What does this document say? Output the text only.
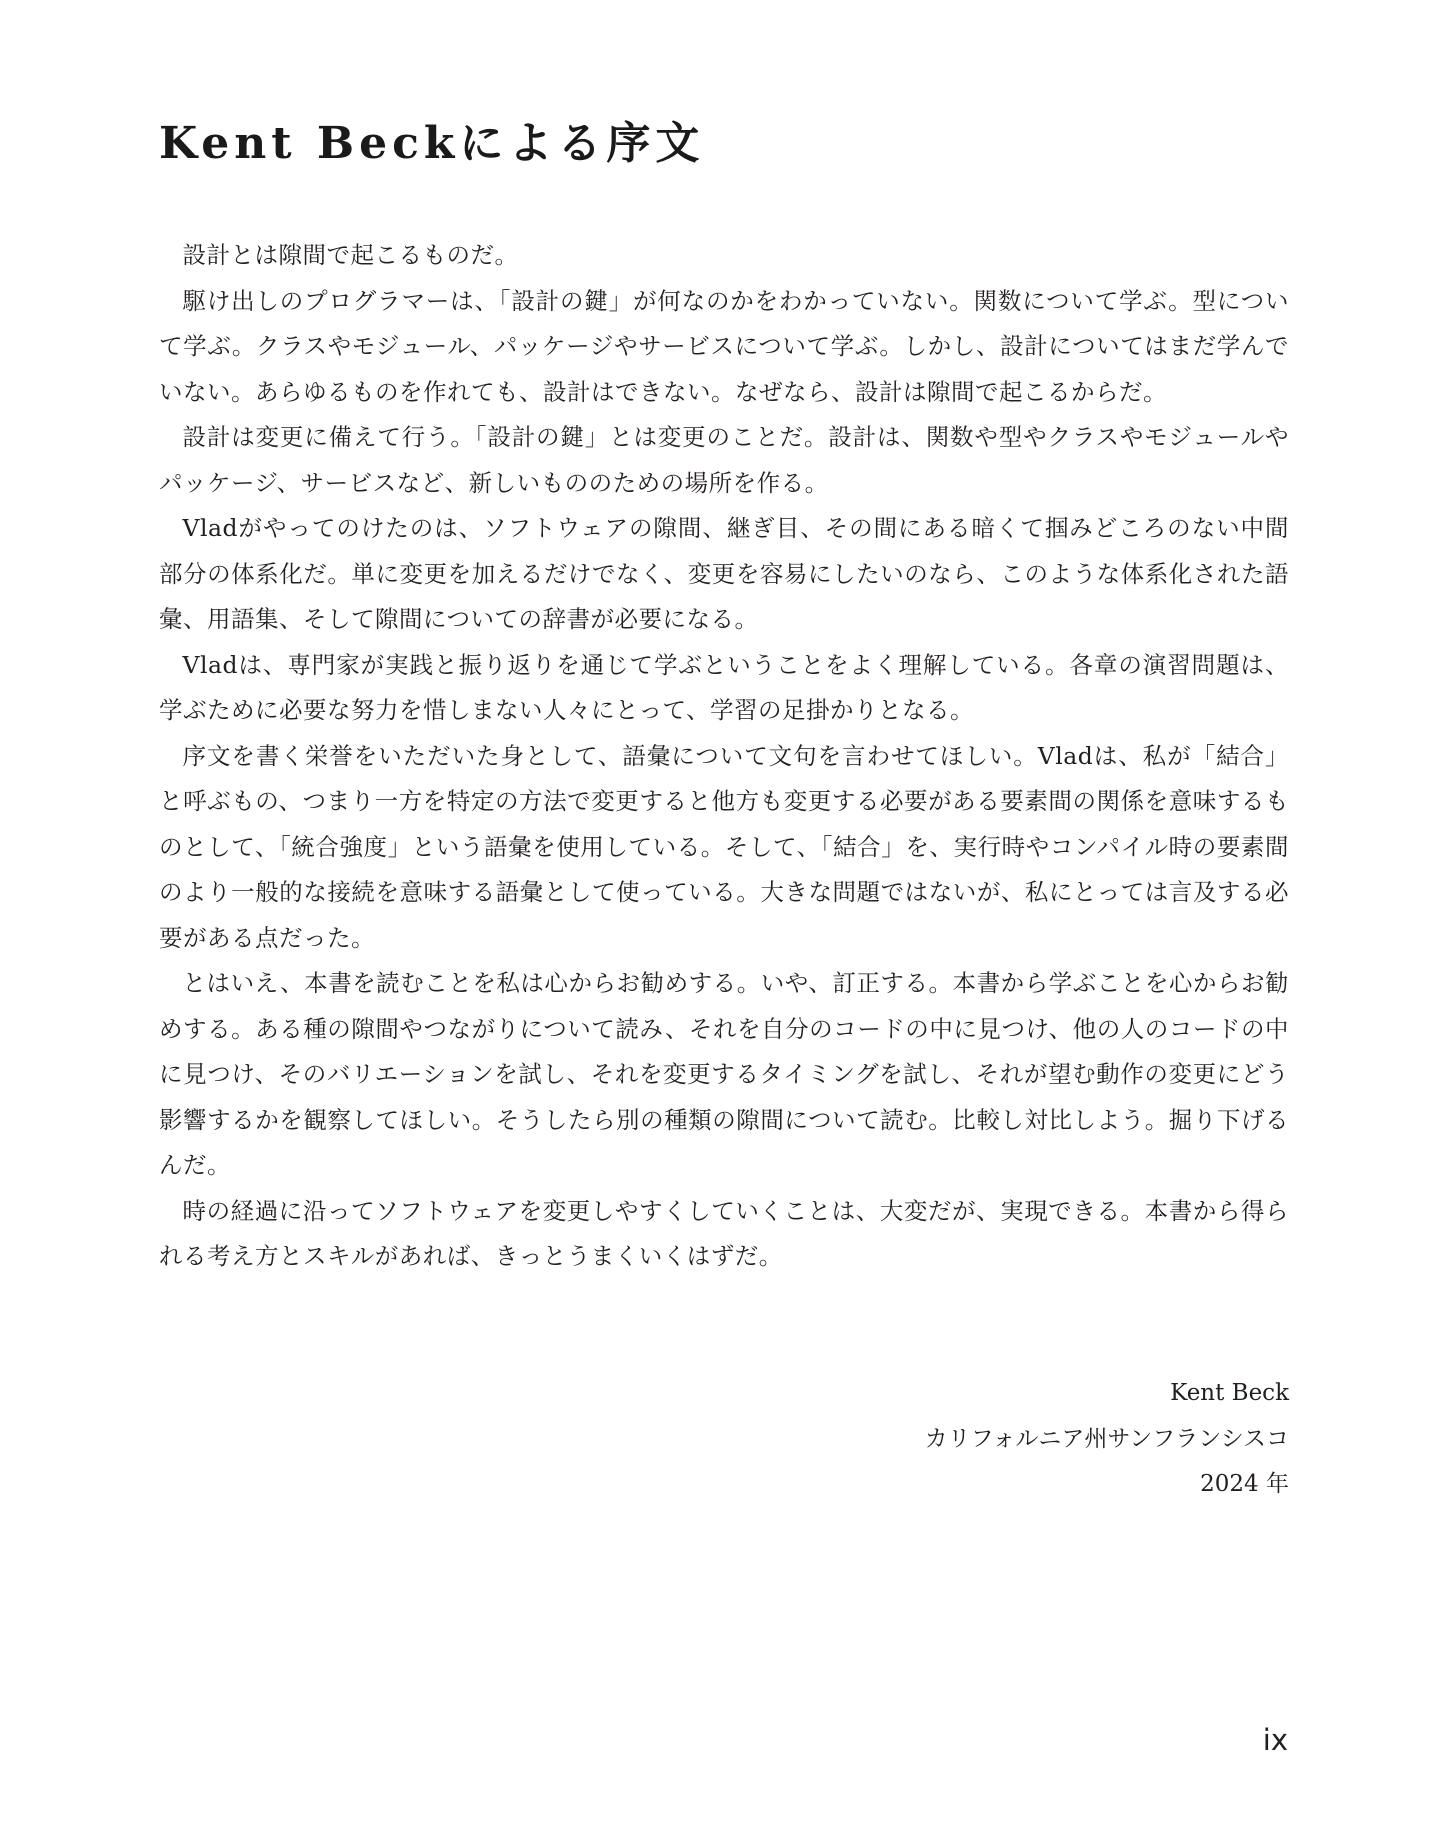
Kent Beckによる序文

設計とは隙間で起こるものだ。

駆け出しのプログラマーは、「設計の鍵」が何なのかをわかっていない。関数について学ぶ。型について学ぶ。クラスやモジュール、パッケージやサービスについて学ぶ。しかし、設計についてはまだ学んでいない。あらゆるものを作れても、設計はできない。なぜなら、設計は隙間で起こるからだ。

設計は変更に備えて行う。「設計の鍵」とは変更のことだ。設計は、関数や型やクラスやモジュールやパッケージ、サービスなど、新しいもののための場所を作る。

Vladがやってのけたのは、ソフトウェアの隙間、継ぎ目、その間にある暗くて掴みどころのない中間部分の体系化だ。単に変更を加えるだけでなく、変更を容易にしたいのなら、このような体系化された語彙、用語集、そして隙間についての辞書が必要になる。

Vladは、専門家が実践と振り返りを通じて学ぶということをよく理解している。各章の演習問題は、学ぶために必要な努力を惜しまない人々にとって、学習の足掛かりとなる。

序文を書く栄誉をいただいた身として、語彙について文句を言わせてほしい。Vladは、私が「結合」と呼ぶもの、つまり一方を特定の方法で変更すると他方も変更する必要がある要素間の関係を意味するものとして、「統合強度」という語彙を使用している。そして、「結合」を、実行時やコンパイル時の要素間のより一般的な接続を意味する語彙として使っている。大きな問題ではないが、私にとっては言及する必要がある点だった。

とはいえ、本書を読むことを私は心からお勧めする。いや、訂正する。本書から学ぶことを心からお勧めする。ある種の隙間やつながりについて読み、それを自分のコードの中に見つけ、他の人のコードの中に見つけ、そのバリエーションを試し、それを変更するタイミングを試し、それが望む動作の変更にどう影響するかを観察してほしい。そうしたら別の種類の隙間について読む。比較し対比しよう。掘り下げるんだ。

時の経過に沿ってソフトウェアを変更しやすくしていくことは、大変だが、実現できる。本書から得られる考え方とスキルがあれば、きっとうまくいくはずだ。

Kent Beck
カリフォルニア州サンフランシスコ
2024 年
ix
